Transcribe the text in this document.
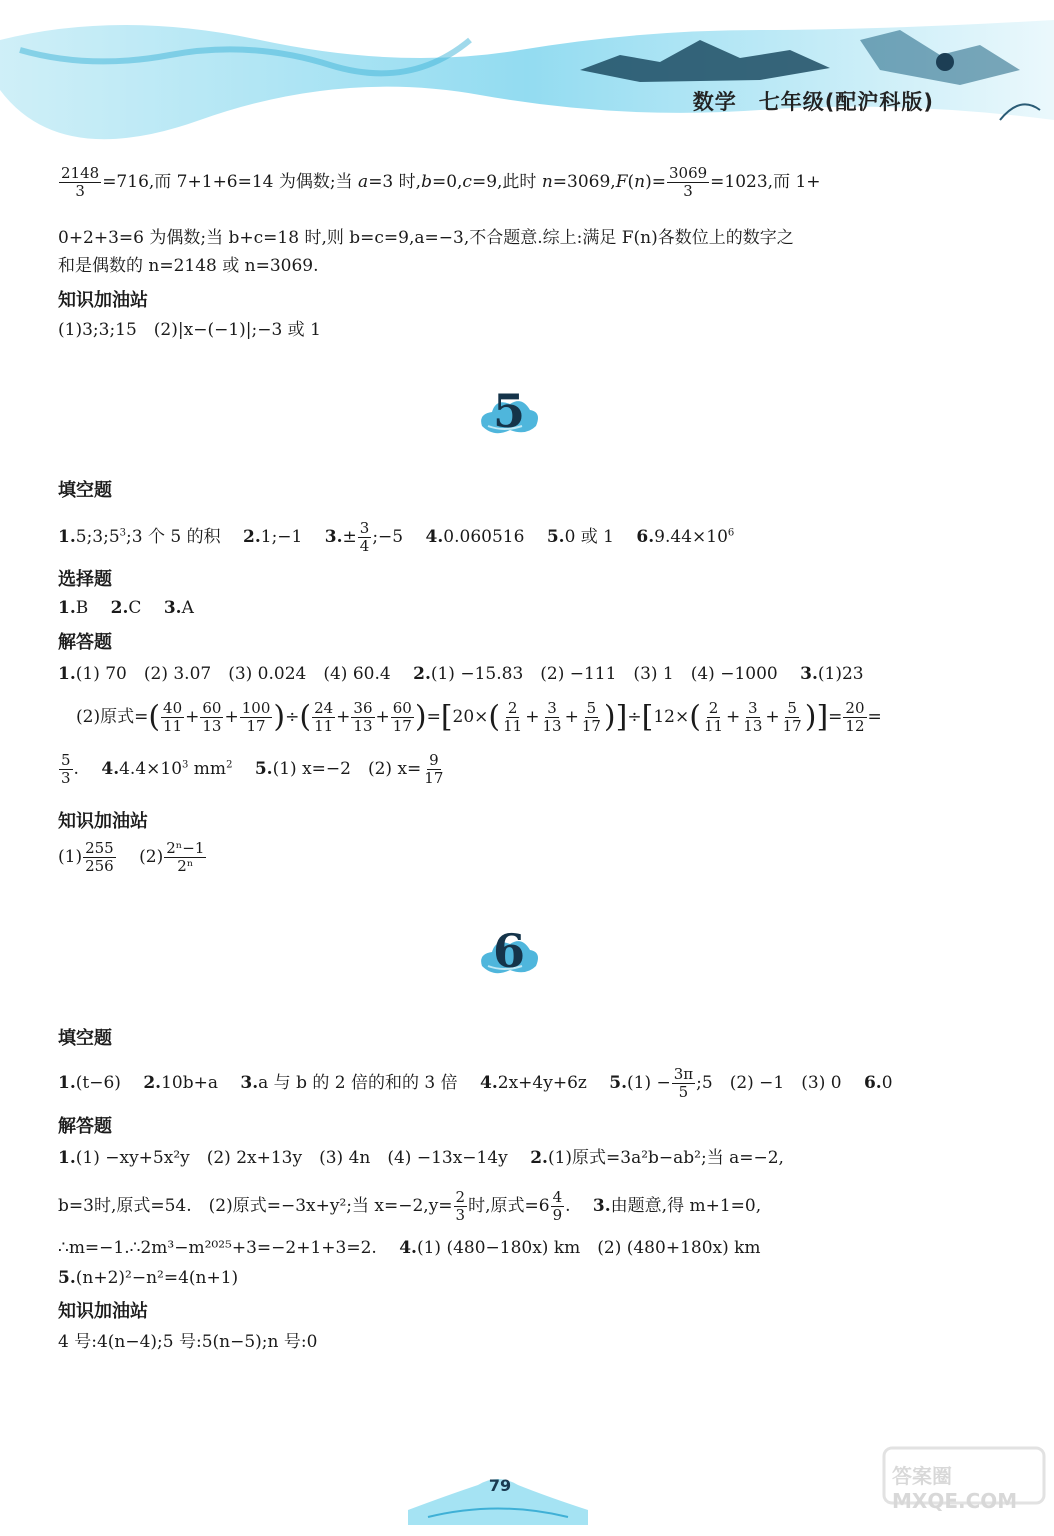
数学　七年级(配沪科版)
$\frac{2148}{3} =716$,而 7+1+6=14 为偶数;当 a=3 时,b=0,c=9,此时 $n=3069,F(n)= \frac{3069}{3} =1023$,而 1+
0+2+3=6 为偶数;当 b+c=18 时,则 b=c=9,a=−3,不合题意.综上:满足 F(n)各数位上的数字之
和是偶数的 n=2148 或 n=3069.
知识加油站
(1)3;3;15　(2)|x−(−1)|;−3 或 1
5
填空题
$1.5;3;5^3;3$ 个 5 的积　 2.1;−1　 $3.\pm \frac{3}{4}$ ;−5　 4.0.060516　 5.0 或 1　 $6.9.44\times 10^6$
选择题
1.B　 2.C　 3.A
解答题
1.(1) 70　(2) 3.07　(3) 0.024　(4) 60.4　 2.(1) −15.83　(2) −111　(3) 1　(4) −1000　 3.(1)23
(2)原式=( $\frac{40}{11} + \frac{60}{13} + \frac{100}{17}$ )÷( $\frac{24}{11} + \frac{36}{13} + \frac{60}{17} )=[20\times( \frac{2}{11} + \frac{3}{13} + \frac{5}{17} )]\div[12\times( \frac{2}{11} + \frac{3}{13} + \frac{5}{17}$ )]= $\frac{20}{12}$ =
$\frac{5}{3}$ .　 $4.4.4\times 10^3$ $mm^2$　 5.(1) x=−2　(2) $x= \frac{9}{17}$
知识加油站
$(1) \frac{255}{256}$
　 $(2) \frac{\text{2ⁿ−1}}{\text{2ⁿ}}$
6
填空题
1.(t−6)　 2.10b+a　 3.a 与 b 的 2 倍的和的 3 倍　 4.2x+4y+6z　 $5.(1) - \frac{3\pi}{5}$ ;5　(2) −1　(3) 0　 6.0
解答题
1.(1) −xy+5x²y　(2) 2x+13y　(3) 4n　(4) −13x−14y　 2.(1)原式=3a²b−ab²;当 a=−2,
b=3时,原式=54.　(2)原式=−3x+y²;当 $x=-2,y= \frac{2}{3}$ 时,原式$=6 \frac{4}{9}$ .　 3.由题意,得 m+1=0,
∴m=−1.∴2m³−m²⁰²⁵+3=−2+1+3=2.　 4.(1) (480−180x) km　(2) (480+180x) km
5.(n+2)²−n²=4(n+1)
知识加油站
4 号:4(n−4);5 号:5(n−5);n 号:0
79	答案圈 MXQE.COM
